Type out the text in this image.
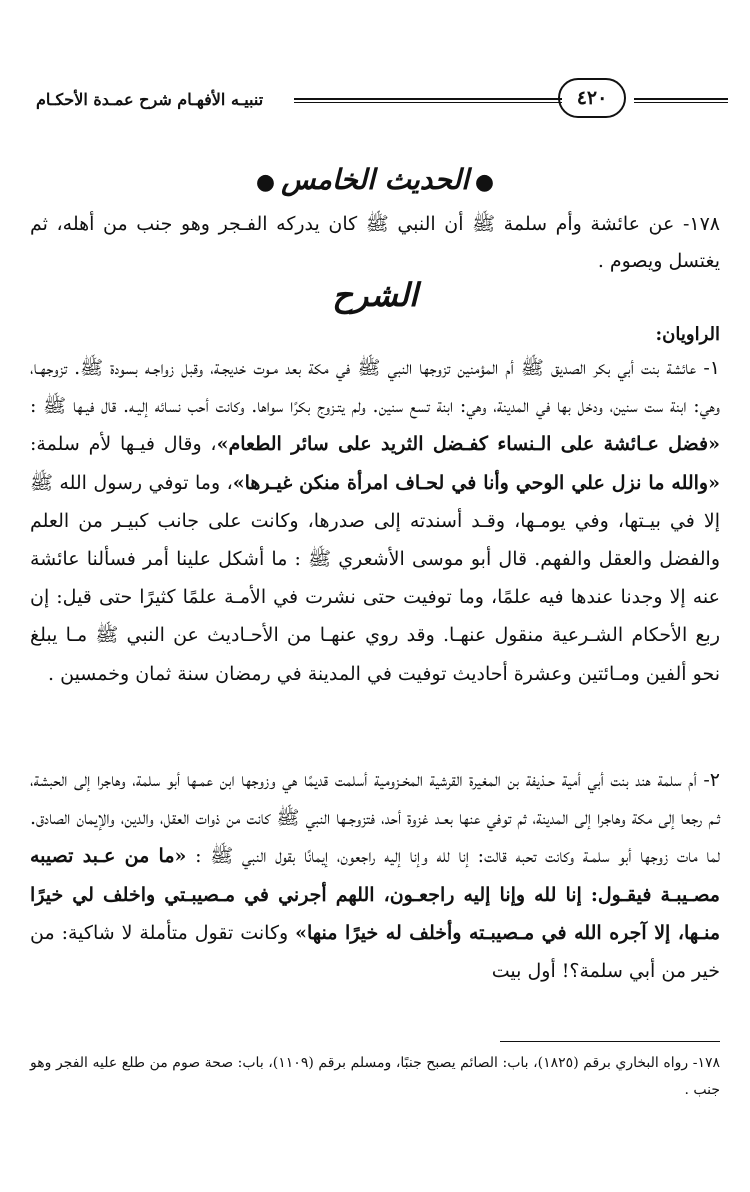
٤٢٠
تنبيـه الأفهـام شرح عمـدة الأحكـام
●الحديث الخامس●
١٧٨- عن عائشة وأم سلمة ﷺ أن النبي ﷺ كان يدركه الفـجر وهو جنب من أهله، ثم يغتسل ويصوم .
الشرح
الراويان:

١- عائشة بنت أبي بكر الصديق ﷺ أم المؤمنين تزوجها النبي ﷺ في مكة بعد مـوت خديجـة، وقبل زواجـه بسودة ﷺ. تزوجهـا، وهي: ابنة ست سنين، ودخل بها في المدينة، وهي: ابنة تسع سنين. ولم يتـزوج بكرًا سواها. وكانت أحب نسائه إليـه. قال فيـها ﷺ : «فضل عـائشة على الـنساء كفـضل الثريد على سائر الطعام»، وقال فيـها لأم سلمة: «والله ما نزل علي الوحي وأنا في لحـاف امرأة منكن غيـرها»، وما توفي رسول الله ﷺ إلا في بيـتها، وفي يومـها، وقـد أسندته إلى صدرها، وكانت على جانب كبيـر من العلم والفضل والعقل والفهم. قال أبو موسى الأشعري ﷺ : ما أشكل علينا أمر فسألنا عائشة عنه إلا وجدنا عندها فيه علمًا، وما توفيت حتى نشرت في الأمـة علمًا كثيرًا حتى قيل: إن ربع الأحكام الشـرعية منقول عنهـا. وقد روي عنهـا من الأحـاديث عن النبي ﷺ مـا يبلغ نحو ألفين ومـائتين وعشرة أحاديث توفيت في المدينة في رمضان سنة ثمان وخمسين .

٢- أم سلمة هند بنت أبي أمية حـذيفة بن المغيرة القرشية المخـزومية أسلمت قديمًا هي وزوجها ابن عمـها أبو سلمة، وهاجرا إلى الحبشة، ثـم رجعا إلى مكة وهاجرا إلى المدينة، ثم توفي عنها بعـد غزوة أحد، فتزوجـها النبي ﷺ كانت من ذوات العقل، والدين، والإيمان الصادق. لما مات زوجها أبو سلمـة وكانت تحبه قالت: إنا لله وإنا إليه راجعون، إيمانًا بقول النبي ﷺ : «ما من عـبد تصيبه مصـيبـة فيقـول: إنا لله وإنا إليه راجعـون، اللهم أجرني في مـصيبـتي واخلف لي خيرًا منـها، إلا آجره الله في مـصيبـته وأخلف له خيرًا منها» وكانت تقول متأملة لا شاكية: من خير من أبي سلمة؟! أول بيت

١٧٨- رواه البخاري برقم (١٨٢٥)، باب: الصائم يصبح جنبًا، ومسلم برقم (١١٠٩)، باب: صحة صوم من طلع عليه الفجر وهو جنب .
